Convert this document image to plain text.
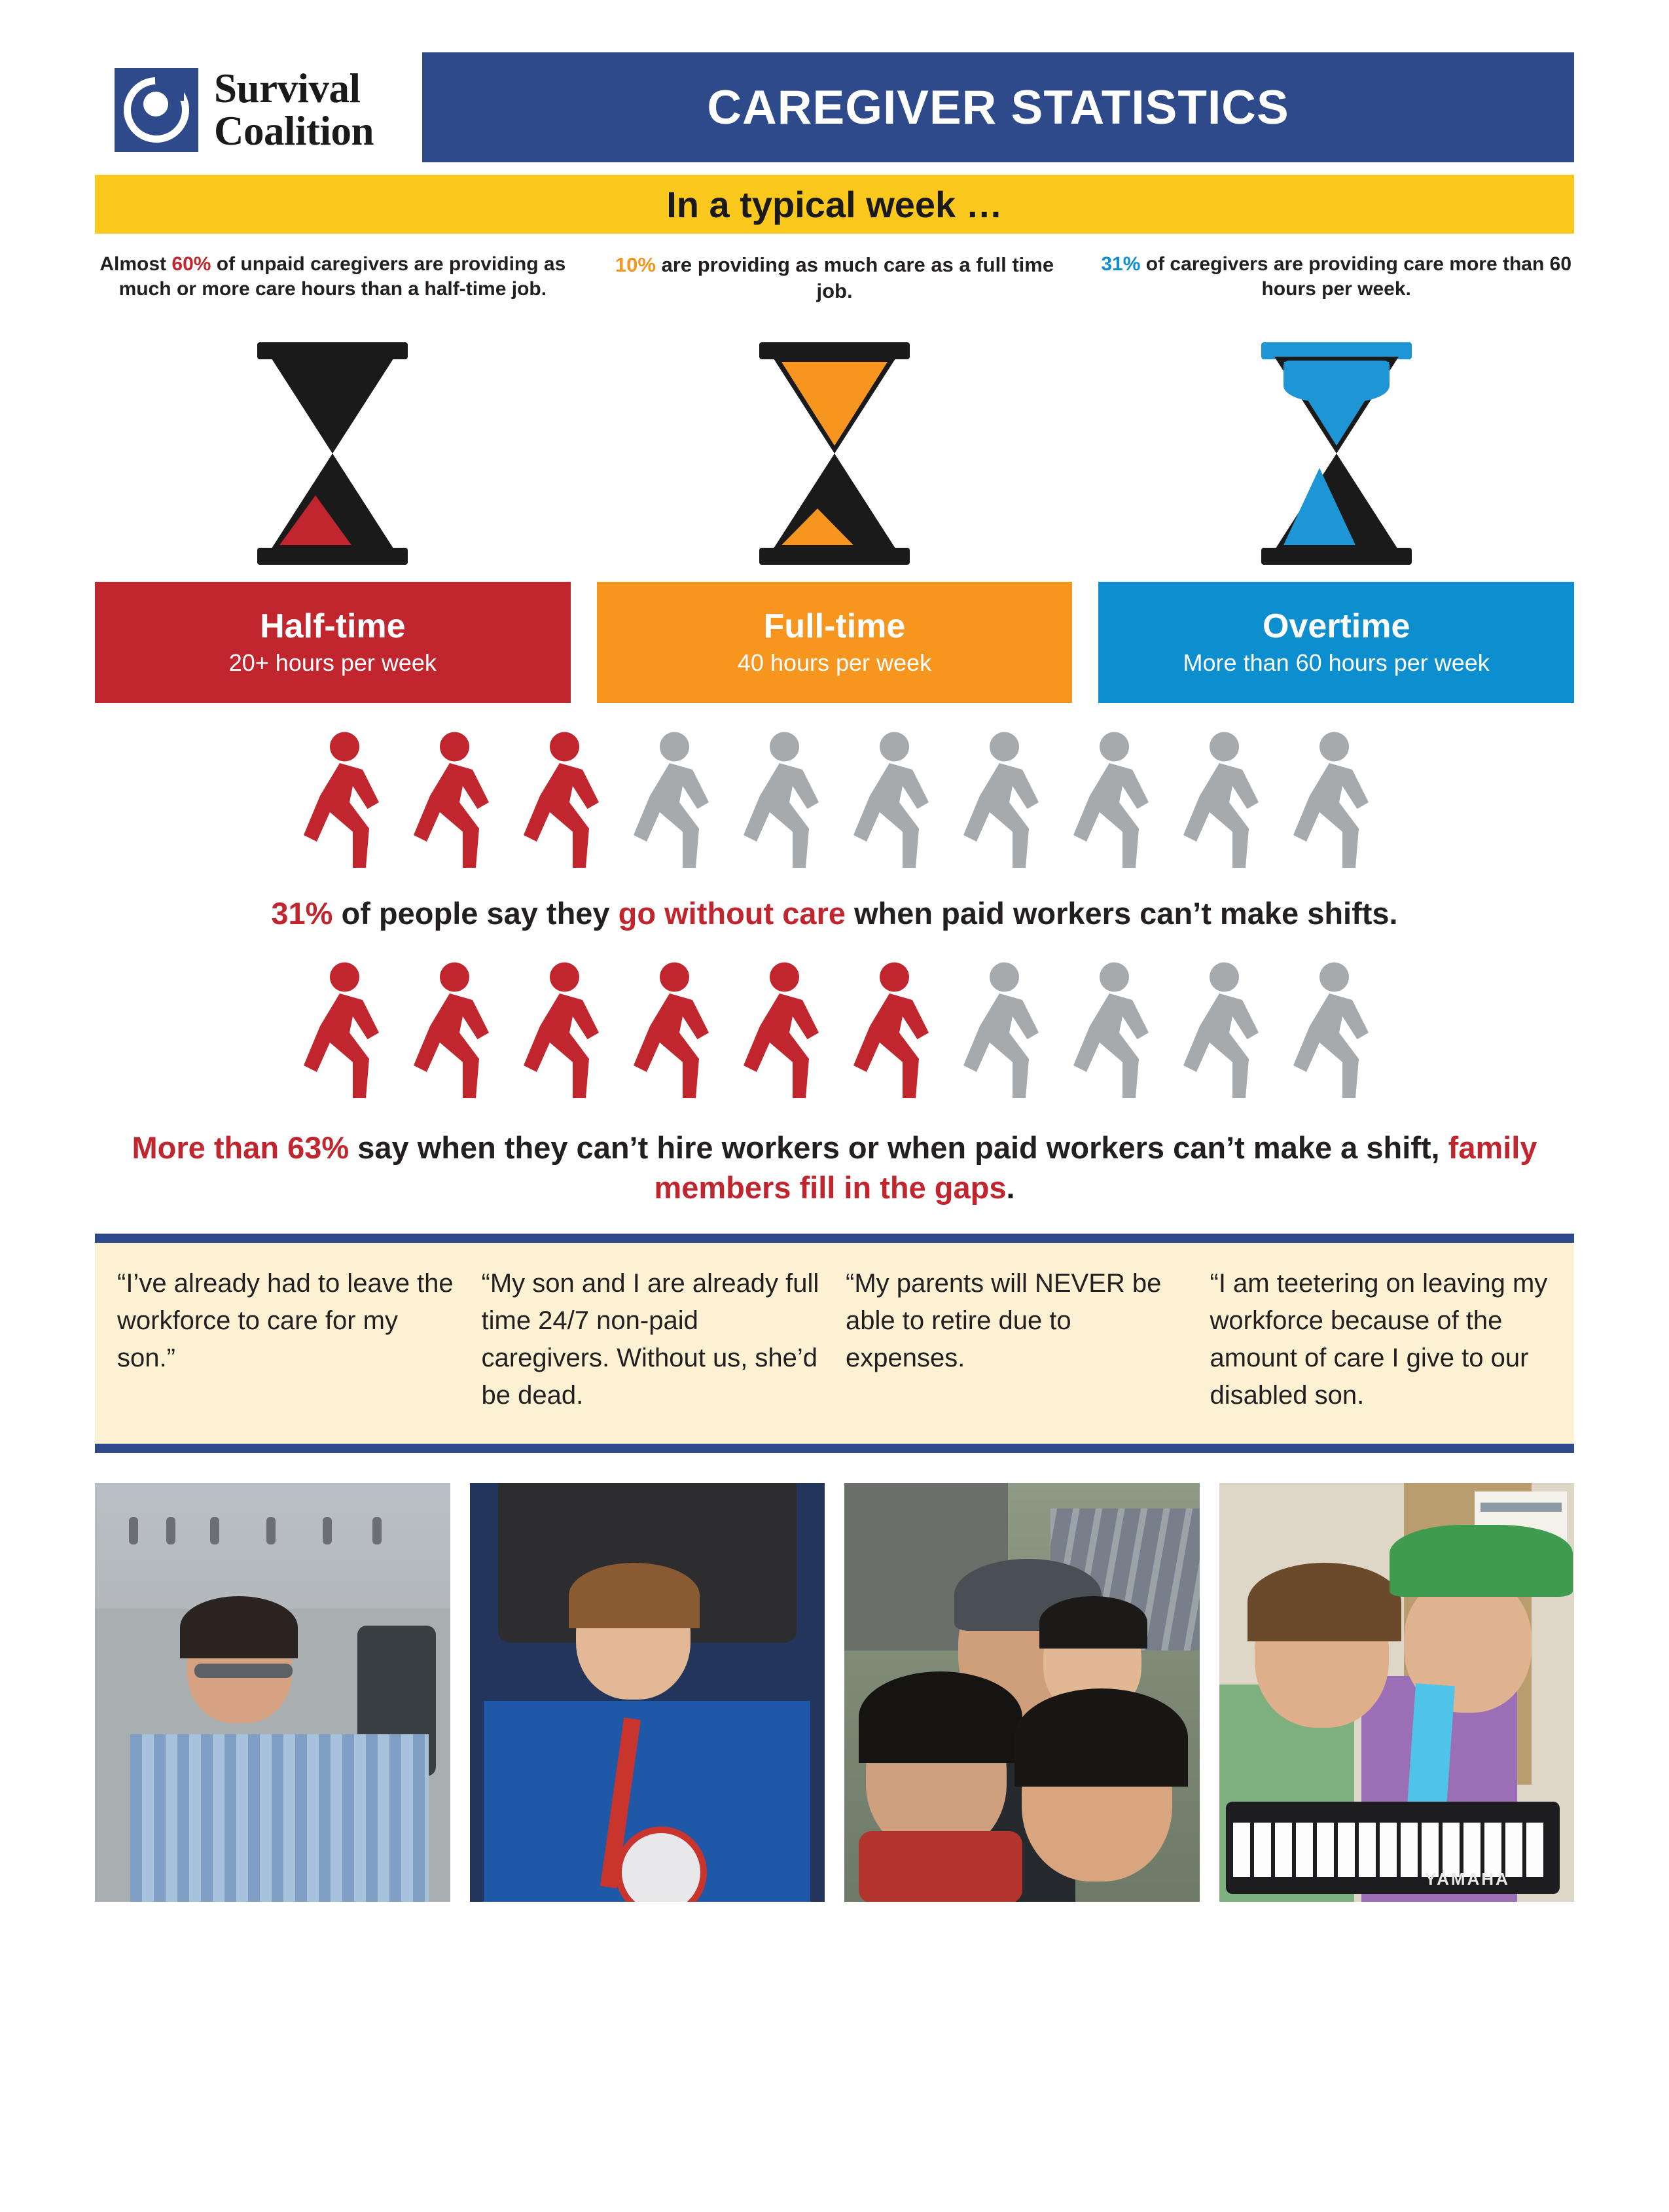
Survival
Coalition	CAREGIVER STATISTICS
In a typical week …
Almost 60% of unpaid caregivers are providing as much or more care hours than a half-time job.
Half-time
20+ hours per week
10% are providing as much care as a full time job.
Full-time
40 hours per week
31% of caregivers are providing care more than 60 hours per week.
Overtime
More than 60 hours per week
31% of people say they go without care when paid workers can’t make shifts.
More than 63% say when they can’t hire workers or when paid workers can’t make a shift, family members fill in the gaps.
“I’ve already had to leave the workforce to care for my son.”
“My son and I are already full time 24/7 non-paid caregivers. Without us, she’d be dead.
“My parents will NEVER be able to retire due to expenses.
“I am teetering on leaving my workforce because of the amount of care I give to our disabled son.
YAMAHA
